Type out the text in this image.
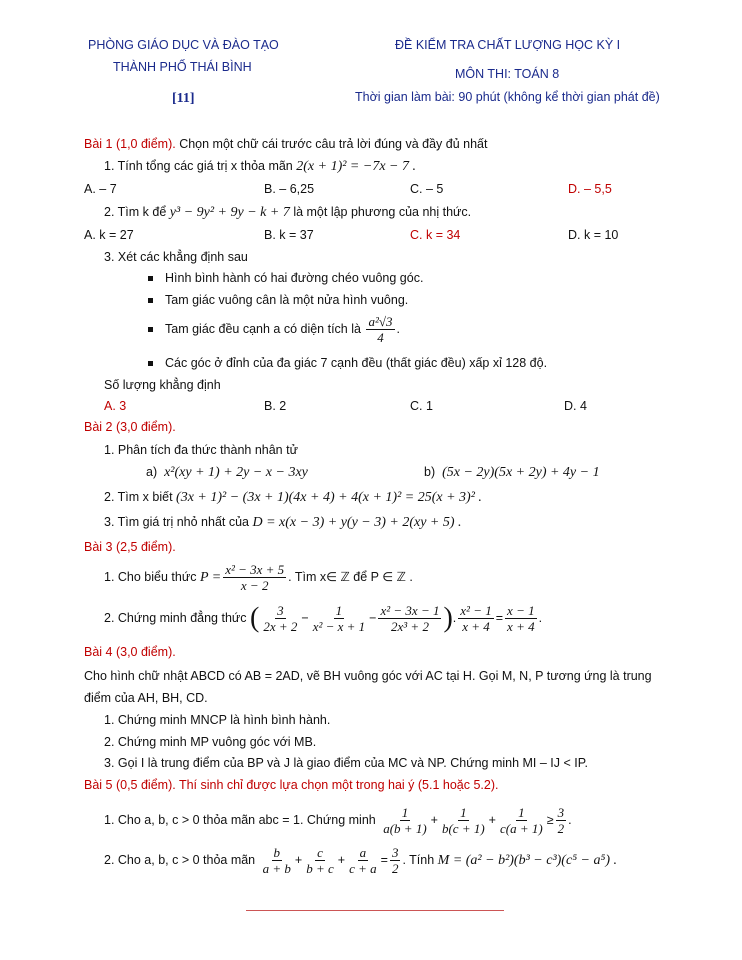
PHÒNG GIÁO DỤC VÀ ĐÀO TẠO
THÀNH PHỐ THÁI BÌNH
[11]
ĐỀ KIỂM TRA CHẤT LƯỢNG HỌC KỲ I
MÔN THI: TOÁN 8
Thời gian làm bài: 90 phút (không kể thời gian phát đề)
Bài 1 (1,0 điểm). Chọn một chữ cái trước câu trả lời đúng và đầy đủ nhất
1. Tính tổng các giá trị x thỏa mãn 2(x + 1)² = −7x − 7 .
A. – 7	B. – 6,25	C. – 5	D. – 5,5
2. Tìm k để y³ − 9y² + 9y − k + 7 là một lập phương của nhị thức.
A. k = 27	B. k = 37	C. k = 34	D. k = 10
3. Xét các khẳng định sau
Hình bình hành có hai đường chéo vuông góc.
Tam giác vuông cân là một nửa hình vuông.
Tam giác đều cạnh a có diện tích là $\frac{\text{a²√3}}{4}$ .
Các góc ở đỉnh của đa giác 7 cạnh đều (thất giác đều) xấp xỉ 128 độ.
Số lượng khẳng định
A. 3	B. 2	C. 1	D. 4
Bài 2 (3,0 điểm).
1. Phân tích đa thức thành nhân tử
a) x²(xy + 1) + 2y − x − 3xy	b) (5x − 2y)(5x + 2y) + 4y − 1
2. Tìm x biết (3x + 1)² − (3x + 1)(4x + 4) + 4(x + 1)² = 25(x + 3)² .
3. Tìm giá trị nhỏ nhất của D = x(x − 3) + y(y − 3) + 2(xy + 5) .
Bài 3 (2,5 điểm).
1. Cho biểu thức $P = \frac{\text{x² − 3x + 5}}{x - 2}$ . Tìm x∈ ℤ để P ∈ ℤ .
2. Chứng minh đẳng thức ( $\frac{3}{2x + 2} - \frac{1}{\text{x² − x + 1}} - \frac{\text{x² − 3x − 1}}{\text{2x³ + 2}}$ ). $\frac{\text{x² − 1}}{x + 4} = \frac{x - 1}{x + 4}$ .
Bài 4 (3,0 điểm).
Cho hình chữ nhật ABCD có AB = 2AD, vẽ BH vuông góc với AC tại H. Gọi M, N, P tương ứng là trung
điểm của AH, BH, CD.
1. Chứng minh MNCP là hình bình hành.
2. Chứng minh MP vuông góc với MB.
3. Gọi I là trung điểm của BP và J là giao điểm của MC và NP. Chứng minh MI – IJ < IP.
Bài 5 (0,5 điểm). Thí sinh chỉ được lựa chọn một trong hai ý (5.1 hoặc 5.2).
1. Cho a, b, c > 0 thỏa mãn abc = 1. Chứng minh $\frac{1}{a(b + 1)} + \frac{1}{b(c + 1)} + \frac{1}{c(a + 1)} \ge \frac{3}{2}$ .
2. Cho a, b, c > 0 thỏa mãn $\frac{b}{a + b} + \frac{c}{b + c} + \frac{a}{c + a} = \frac{3}{2}$ . Tính M = (a² − b²)(b³ − c³)(c⁵ − a⁵) .
